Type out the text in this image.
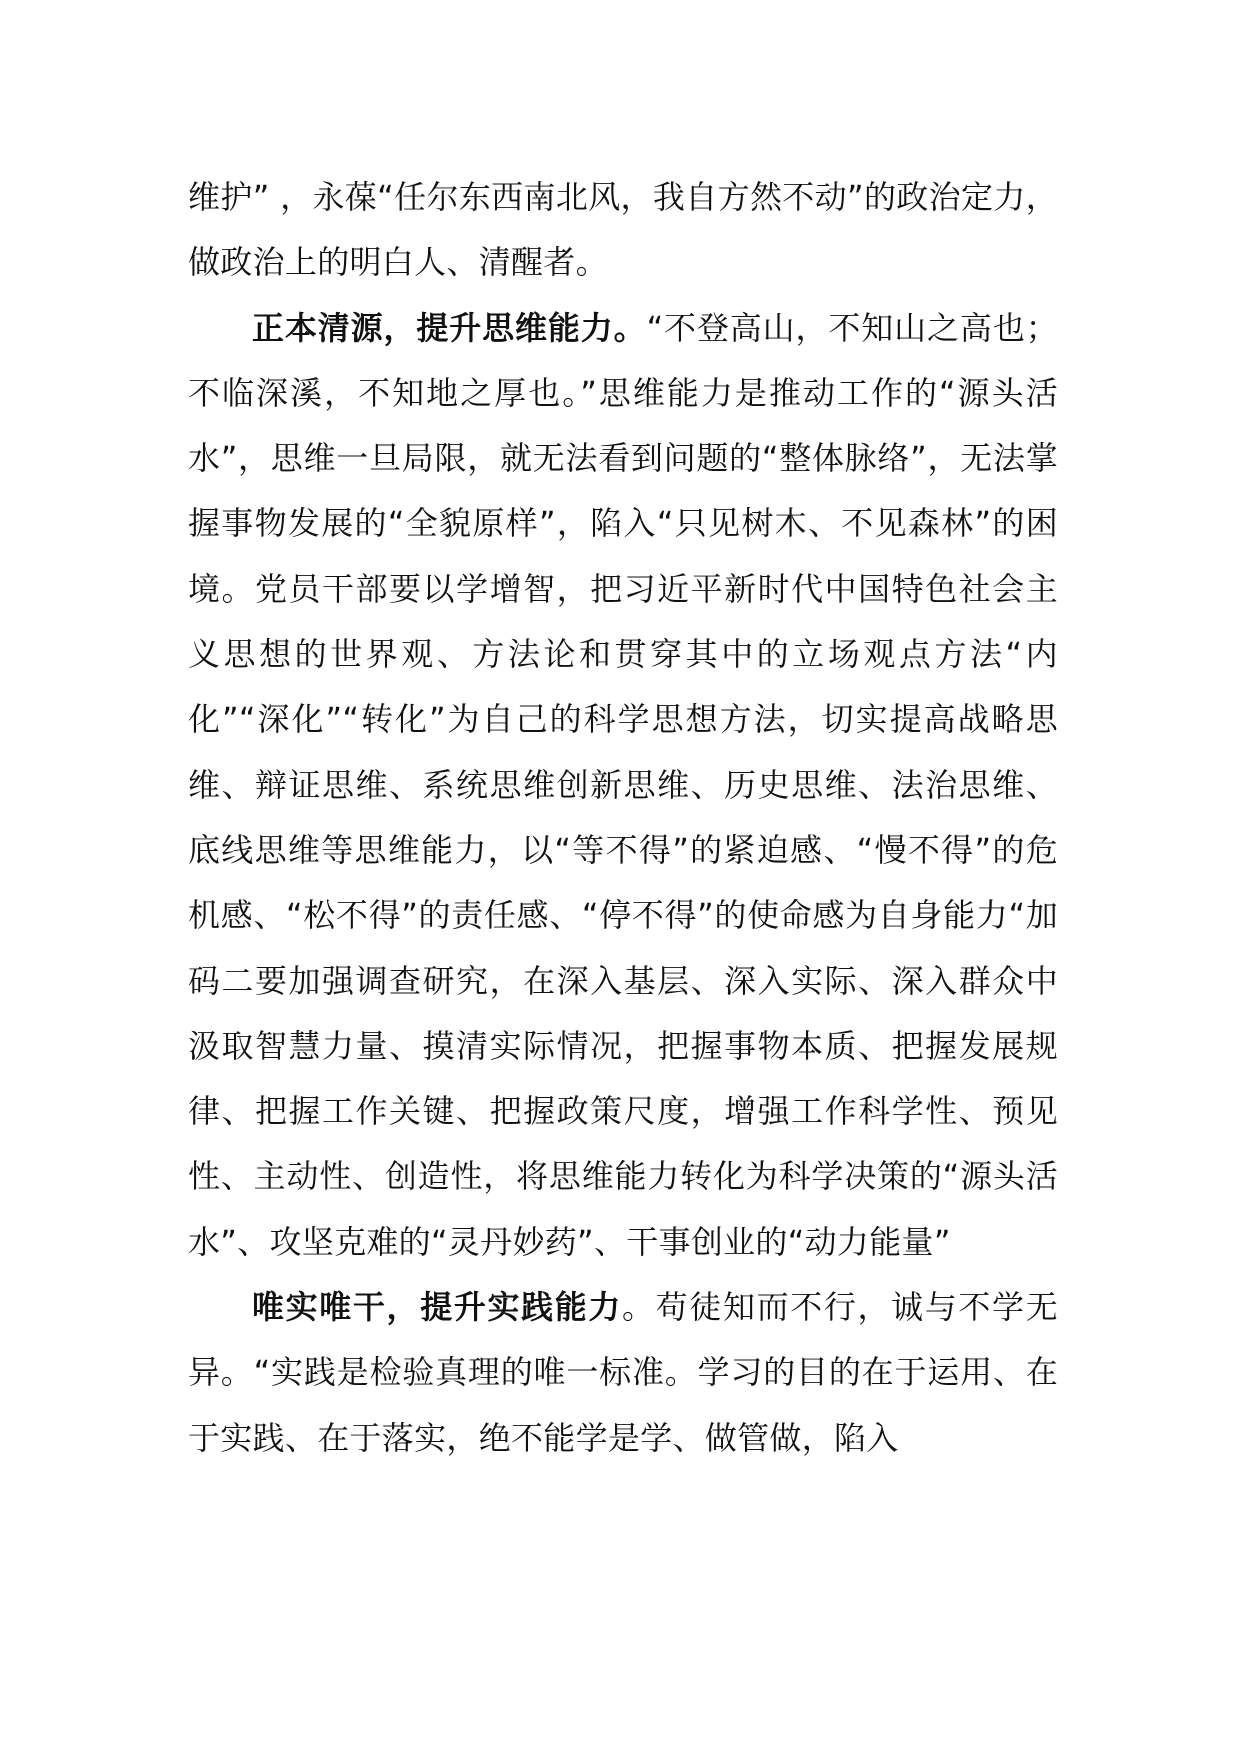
维护” ，永葆“任尔东西南北风，我自方然不动”的政治定力，做政治上的明白人、清醒者。

正本清源，提升思维能力。“不登高山，不知山之高也；不临深溪，不知地之厚也。”思维能力是推动工作的“源头活水”，思维一旦局限，就无法看到问题的“整体脉络”，无法掌握事物发展的“全貌原样”，陷入“只见树木、不见森林”的困境。党员干部要以学增智，把习近平新时代中国特色社会主义思想的世界观、方法论和贯穿其中的立场观点方法“内化”“深化”“转化”为自己的科学思想方法，切实提高战略思维、辩证思维、系统思维创新思维、历史思维、法治思维、底线思维等思维能力，以“等不得”的紧迫感、“慢不得”的危机感、“松不得”的责任感、“停不得”的使命感为自身能力“加码二要加强调查研究，在深入基层、深入实际、深入群众中汲取智慧力量、摸清实际情况，把握事物本质、把握发展规律、把握工作关键、把握政策尺度，增强工作科学性、预见性、主动性、创造性，将思维能力转化为科学决策的“源头活水”、攻坚克难的“灵丹妙药”、干事创业的“动力能量”

唯实唯干，提升实践能力。苟徒知而不行，诚与不学无异。“实践是检验真理的唯一标准。学习的目的在于运用、在于实践、在于落实，绝不能学是学、做管做，陷入
